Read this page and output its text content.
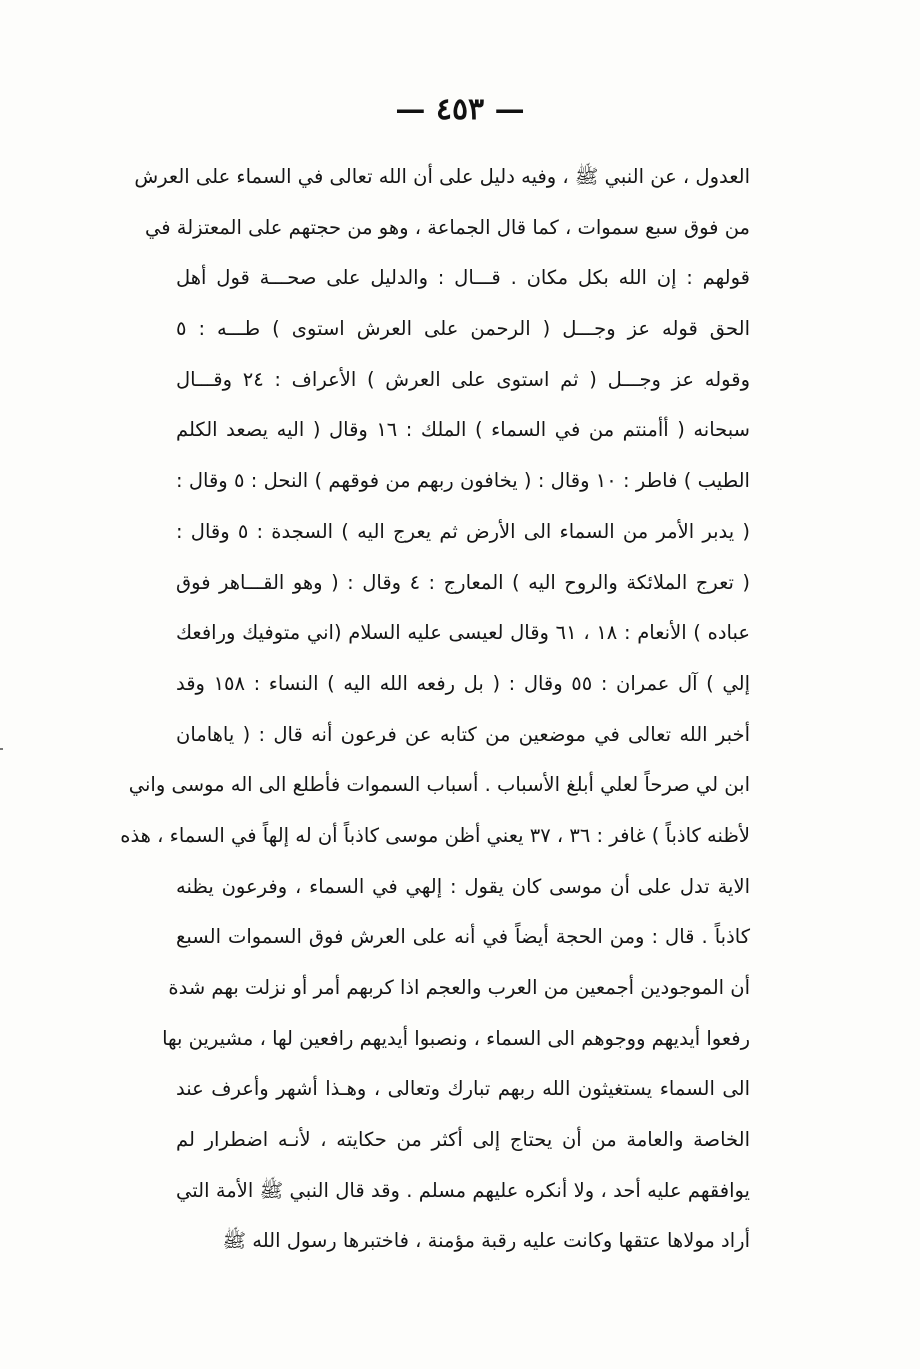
— ٤٥٣ —
العدول ، عن النبي ﷺ ، وفيه دليل على أن الله تعالى في السماء على العرش
من فوق سبع سموات ، كما قال الجماعة ، وهو من حجتهم على المعتزلة في
قولهم : إن الله بكل مكان . قـــال : والدليل على صحـــة قول أهل
الحق قوله عز وجـــل ( الرحمن على العرش استوى ) طـــه : ٥
وقوله عز وجـــل ( ثم استوى على العرش ) الأعراف : ٢٤ وقـــال
سبحانه ( أأمنتم من في السماء ) الملك : ١٦ وقال ( اليه يصعد الكلم
الطيب ) فاطر : ١٠ وقال : ( يخافون ربهم من فوقهم ) النحل : ٥ وقال :
( يدبر الأمر من السماء الى الأرض ثم يعرج اليه ) السجدة : ٥ وقال :
( تعرج الملائكة والروح اليه ) المعارج : ٤ وقال : ( وهو القـــاهر فوق
عباده ) الأنعام : ١٨ ، ٦١ وقال لعيسى عليه السلام (اني متوفيك ورافعك
إلي ) آل عمران : ٥٥ وقال : ( بل رفعه الله اليه ) النساء : ١٥٨ وقد
أخبر الله تعالى في موضعين من كتابه عن فرعون أنه قال : ( ياهامان
ابن لي صرحاً لعلي أبلغ الأسباب . أسباب السموات فأطلع الى اله موسى واني
لأظنه كاذباً ) غافر : ٣٦ ، ٣٧ يعني أظن موسى كاذباً أن له إلهاً في السماء ، هذه
الاية تدل على أن موسى كان يقول : إلهي في السماء ، وفرعون يظنه
كاذباً . قال : ومن الحجة أيضاً في أنه على العرش فوق السموات السبع
أن الموجودين أجمعين من العرب والعجم اذا كربهم أمر أو نزلت بهم شدة
رفعوا أيديهم ووجوهم الى السماء ، ونصبوا أيديهم رافعين لها ، مشيرين بها
الى السماء يستغيثون الله ربهم تبارك وتعالى ، وهـذا أشهر وأعرف عند
الخاصة والعامة من أن يحتاج إلى أكثر من حكايته ، لأنـه اضطرار لم
يوافقهم عليه أحد ، ولا أنكره عليهم مسلم . وقد قال النبي ﷺ الأمة التي
أراد مولاها عتقها وكانت عليه رقبة مؤمنة ، فاختبرها رسول الله ﷺ
